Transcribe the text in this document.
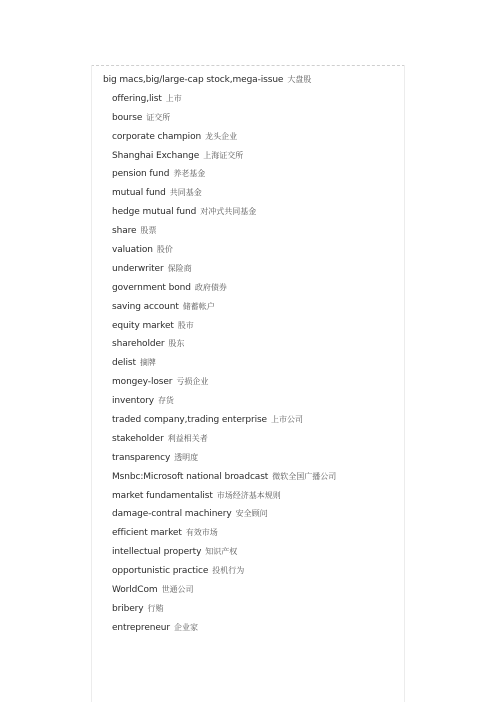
big macs,big/large-cap stock,mega-issue 大盘股
offering,list 上市
bourse 证交所
corporate champion 龙头企业
Shanghai Exchange 上海证交所
pension fund 养老基金
mutual fund 共同基金
hedge mutual fund 对冲式共同基金
share 股票
valuation 股价
underwriter 保险商
government bond 政府债券
saving account 储蓄帐户
equity market 股市
shareholder 股东
delist 摘牌
mongey-loser 亏损企业
inventory 存货
traded company,trading enterprise 上市公司
stakeholder 利益相关者
transparency 透明度
Msnbc:Microsoft national broadcast 微软全国广播公司
market fundamentalist 市场经济基本规则
damage-contral machinery 安全顾问
efficient market 有效市场
intellectual property 知识产权
opportunistic practice 投机行为
WorldCom 世通公司
bribery 行贿
entrepreneur 企业家
